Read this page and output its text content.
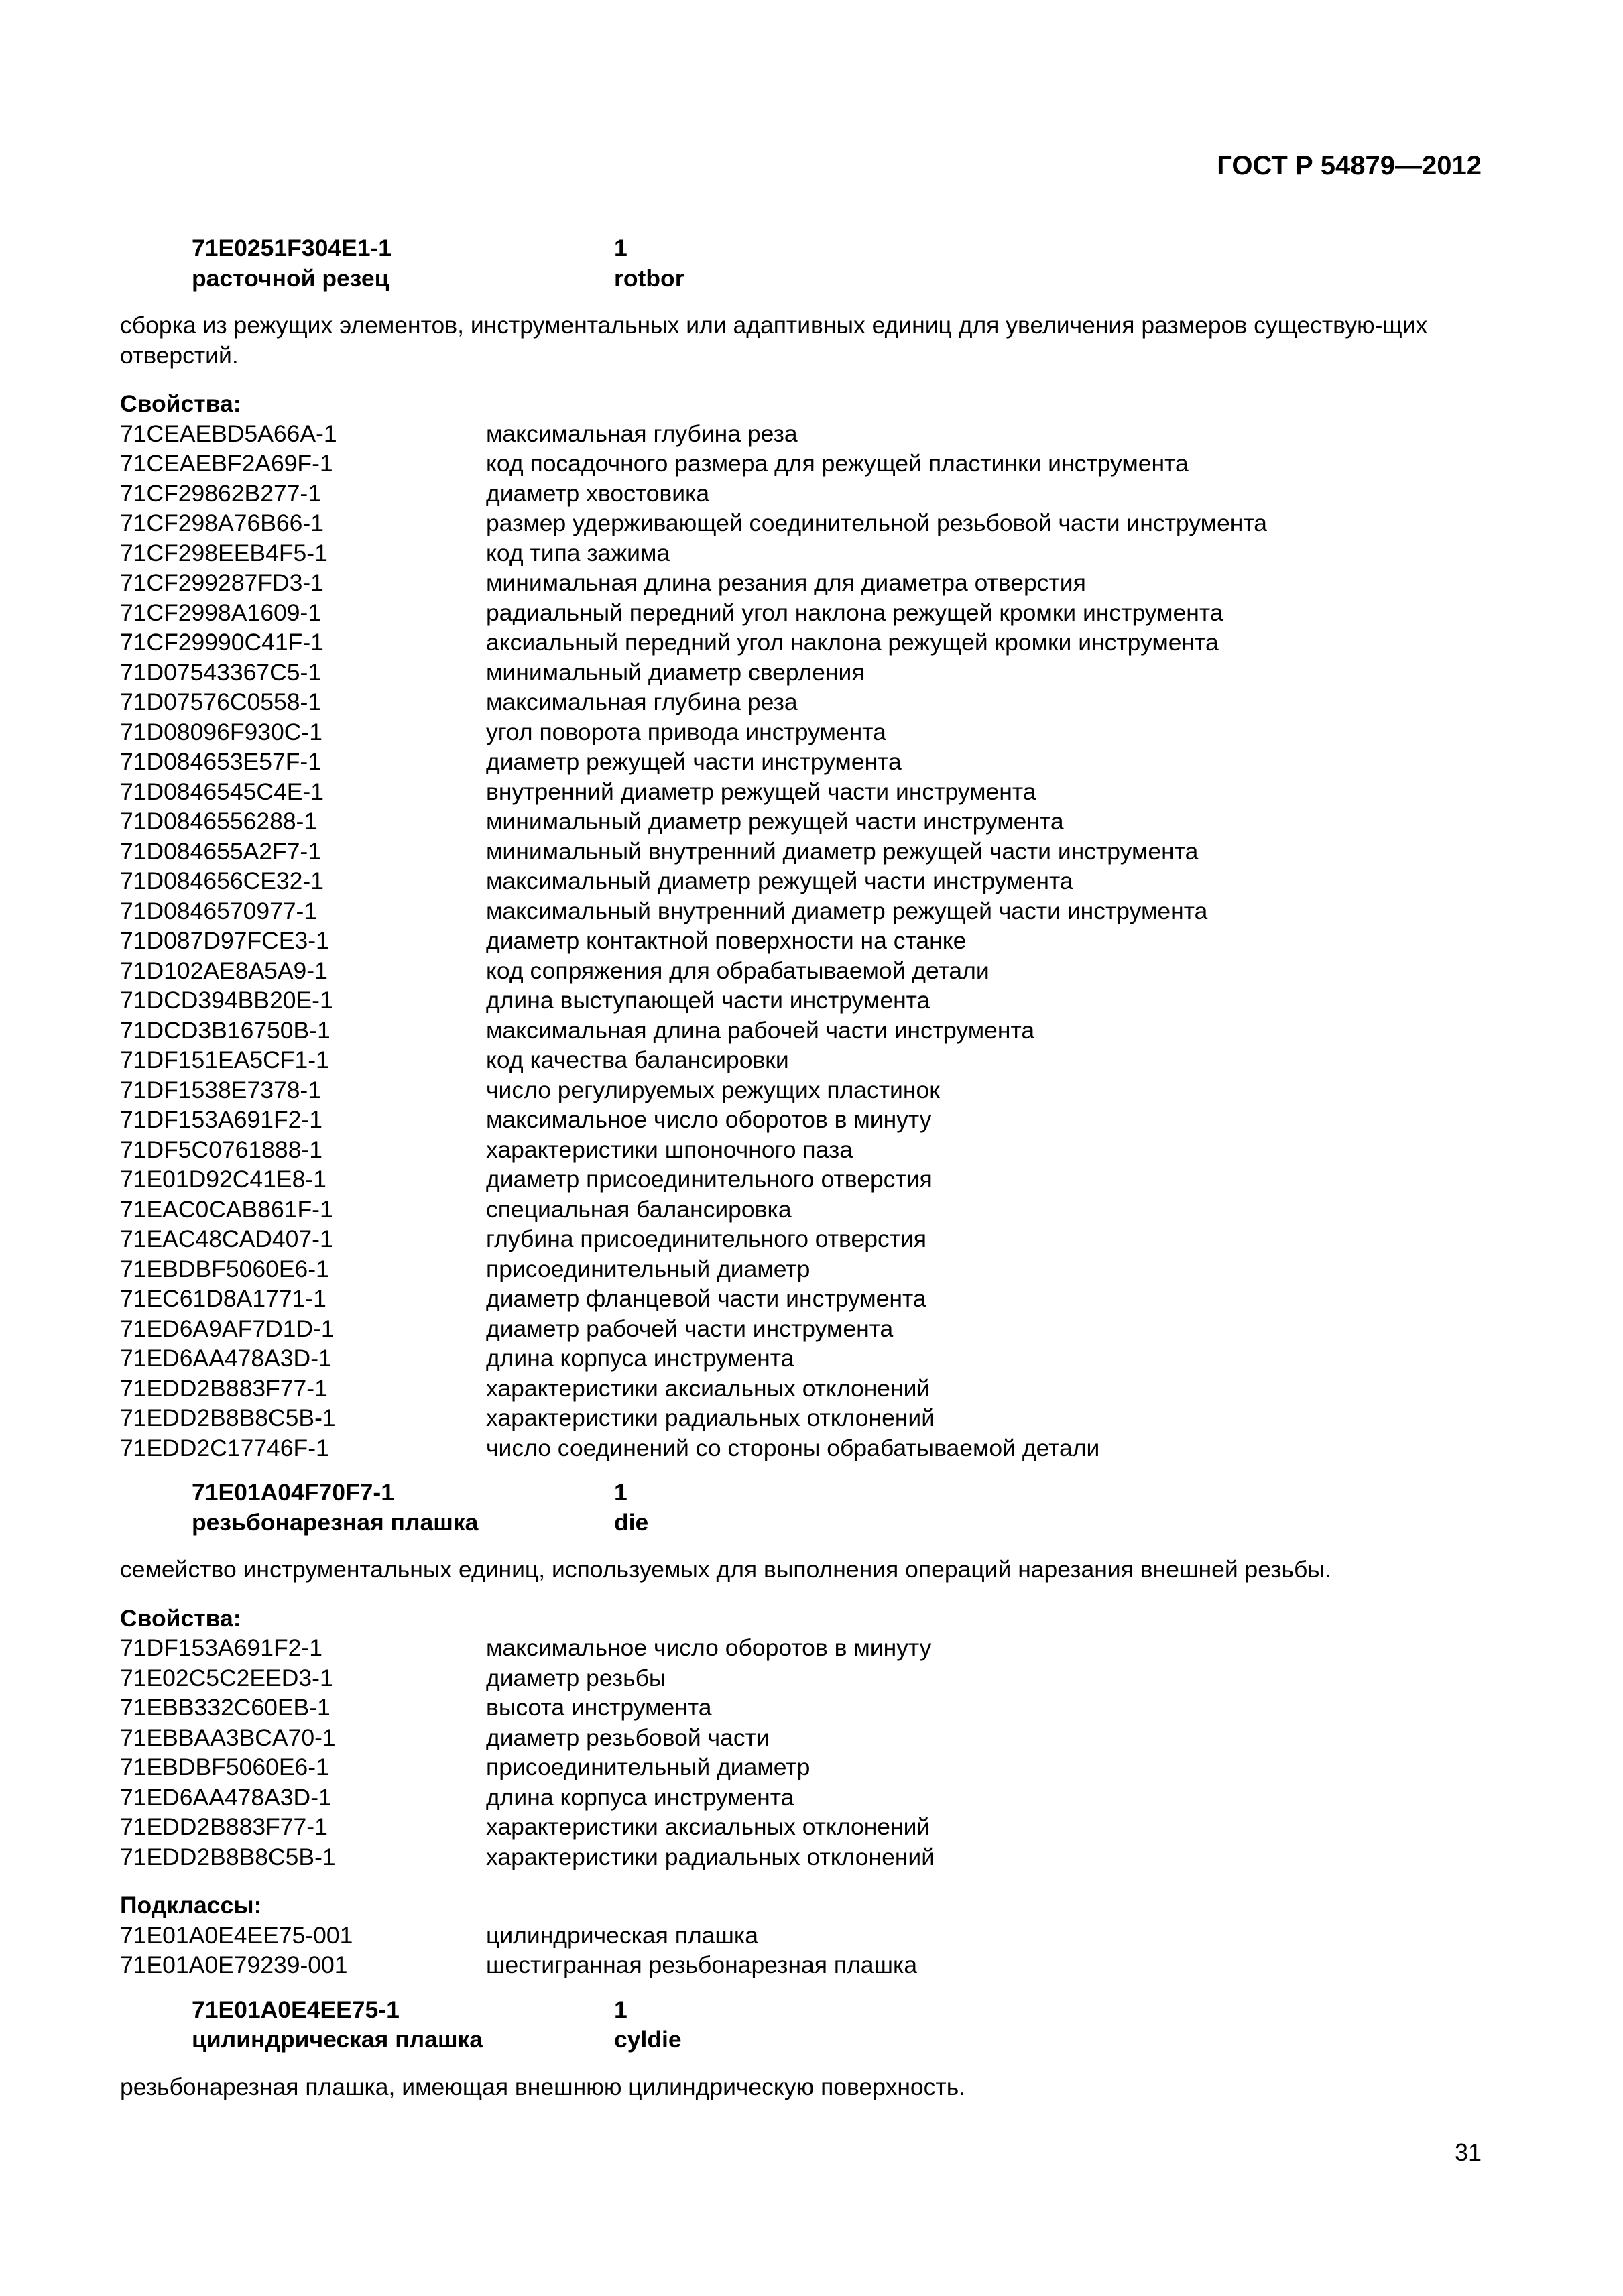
ГОСТ Р 54879—2012
71E0251F304E1-1	1
расточной резец	rotbor
сборка из режущих элементов, инструментальных или адаптивных единиц для увеличения размеров существую-щих отверстий.
Свойства:
71CEAEBD5A66A-1	максимальная глубина реза
71CEAEBF2A69F-1	код посадочного размера для режущей пластинки инструмента
71CF29862B277-1	диаметр хвостовика
71CF298A76B66-1	размер удерживающей соединительной резьбовой части инструмента
71CF298EEB4F5-1	код типа зажима
71CF299287FD3-1	минимальная длина резания для диаметра отверстия
71CF2998A1609-1	радиальный передний угол наклона режущей кромки инструмента
71CF29990C41F-1	аксиальный передний угол наклона режущей кромки инструмента
71D07543367C5-1	минимальный диаметр сверления
71D07576C0558-1	максимальная глубина реза
71D08096F930C-1	угол поворота привода инструмента
71D084653E57F-1	диаметр режущей части инструмента
71D0846545C4E-1	внутренний диаметр режущей части инструмента
71D0846556288-1	минимальный диаметр режущей части инструмента
71D084655A2F7-1	минимальный внутренний диаметр режущей части инструмента
71D084656CE32-1	максимальный диаметр режущей части инструмента
71D0846570977-1	максимальный внутренний диаметр режущей части инструмента
71D087D97FCE3-1	диаметр контактной поверхности на станке
71D102AE8A5A9-1	код сопряжения для обрабатываемой детали
71DCD394BB20E-1	длина выступающей части инструмента
71DCD3B16750B-1	максимальная длина рабочей части инструмента
71DF151EA5CF1-1	код качества балансировки
71DF1538E7378-1	число регулируемых режущих пластинок
71DF153A691F2-1	максимальное число оборотов в минуту
71DF5C0761888-1	характеристики шпоночного паза
71E01D92C41E8-1	диаметр присоединительного отверстия
71EAC0CAB861F-1	специальная балансировка
71EAC48CAD407-1	глубина присоединительного отверстия
71EBDBF5060E6-1	присоединительный диаметр
71EC61D8A1771-1	диаметр фланцевой части инструмента
71ED6A9AF7D1D-1	диаметр рабочей части инструмента
71ED6AA478A3D-1	длина корпуса инструмента
71EDD2B883F77-1	характеристики аксиальных отклонений
71EDD2B8B8C5B-1	характеристики радиальных отклонений
71EDD2C17746F-1	число соединений со стороны обрабатываемой детали
71E01A04F70F7-1	1
резьбонарезная плашка	die
семейство инструментальных единиц, используемых для выполнения операций нарезания внешней резьбы.
Свойства:
71DF153A691F2-1	максимальное число оборотов в минуту
71E02C5C2EED3-1	диаметр резьбы
71EBB332C60EB-1	высота инструмента
71EBBAA3BCA70-1	диаметр резьбовой части
71EBDBF5060E6-1	присоединительный диаметр
71ED6AA478A3D-1	длина корпуса инструмента
71EDD2B883F77-1	характеристики аксиальных отклонений
71EDD2B8B8C5B-1	характеристики радиальных отклонений
Подклассы:
71E01A0E4EE75-001	цилиндрическая плашка
71E01A0E79239-001	шестигранная резьбонарезная плашка
71E01A0E4EE75-1	1
цилиндрическая плашка	cyldie
резьбонарезная плашка, имеющая внешнюю цилиндрическую поверхность.
31
